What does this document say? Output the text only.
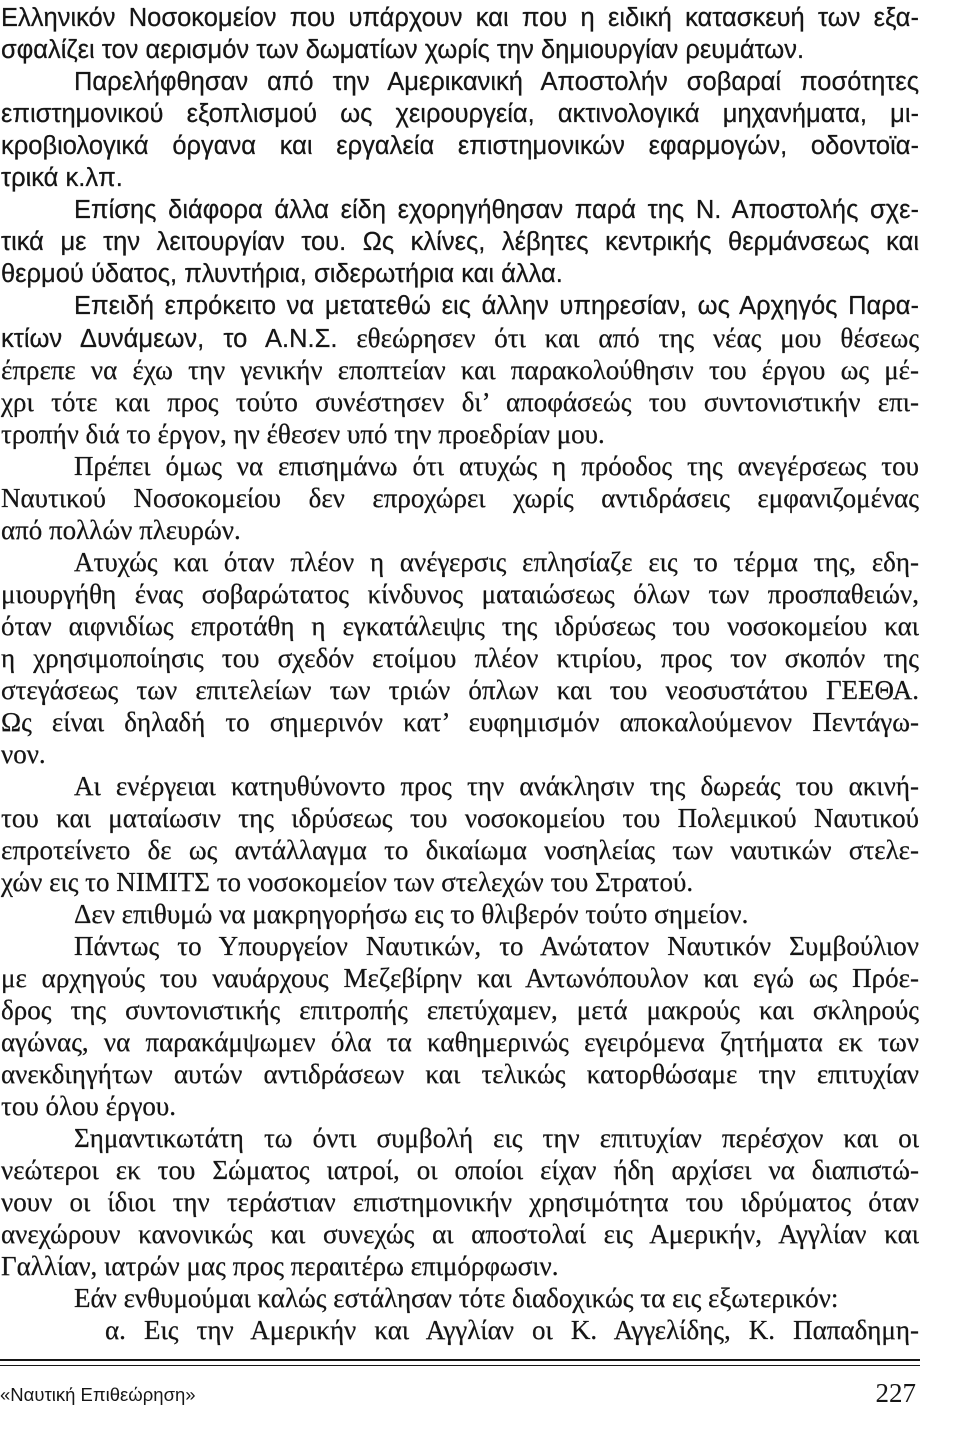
Ελληνικόν Νοσοκομείον που υπάρχουν και που η ειδική κατασκευή των εξα-
σφαλίζει τον αερισμόν των δωματίων χωρίς την δημιουργίαν ρευμάτων.
Παρελήφθησαν από την Αμερικανική Αποστολήν σοβαραί ποσότητες
επιστημονικού εξοπλισμού ως χειρουργεία, ακτινολογικά μηχανήματα, μι-
κροβιολογικά όργανα και εργαλεία επιστημονικών εφαρμογών, οδοντοϊα-
τρικά κ.λπ.
Επίσης διάφορα άλλα είδη εχορηγήθησαν παρά της Ν. Αποστολής σχε-
τικά με την λειτουργίαν του. Ως κλίνες, λέβητες κεντρικής θερμάνσεως και
θερμού ύδατος, πλυντήρια, σιδερωτήρια και άλλα.
Επειδή επρόκειτο να μετατεθώ εις άλλην υπηρεσίαν, ως Αρχηγός Παρα-
κτίων Δυνάμεων, το Α.Ν.Σ. εθεώρησεν ότι και από της νέας μου θέσεως
έπρεπε να έχω την γενικήν εποπτείαν και παρακολούθησιν του έργου ως μέ-
χρι τότε και προς τούτο συνέστησεν δι’ αποφάσεώς του συντονιστικήν επι-
τροπήν διά το έργον, ην έθεσεν υπό την προεδρίαν μου.
Πρέπει όμως να επισημάνω ότι ατυχώς η πρόοδος της ανεγέρσεως του
Ναυτικού Νοσοκομείου δεν επροχώρει χωρίς αντιδράσεις εμφανιζομένας
από πολλών πλευρών.
Ατυχώς και όταν πλέον η ανέγερσις επλησίαζε εις το τέρμα της, εδη-
μιουργήθη ένας σοβαρώτατος κίνδυνος ματαιώσεως όλων των προσπαθειών,
όταν αιφνιδίως επροτάθη η εγκατάλειψις της ιδρύσεως του νοσοκομείου και
η χρησιμοποίησις του σχεδόν ετοίμου πλέον κτιρίου, προς τον σκοπόν της
στεγάσεως των επιτελείων των τριών όπλων και του νεοσυστάτου ΓΕΕΘΑ.
Ως είναι δηλαδή το σημερινόν κατ’ ευφημισμόν αποκαλούμενον Πεντάγω-
νον.
Αι ενέργειαι κατηυθύνοντο προς την ανάκλησιν της δωρεάς του ακινή-
του και ματαίωσιν της ιδρύσεως του νοσοκομείου του Πολεμικού Ναυτικού
επροτείνετο δε ως αντάλλαγμα το δικαίωμα νοσηλείας των ναυτικών στελε-
χών εις το ΝΙΜΙΤΣ το νοσοκομείον των στελεχών του Στρατού.
Δεν επιθυμώ να μακρηγορήσω εις το θλιβερόν τούτο σημείον.
Πάντως το Υπουργείον Ναυτικών, το Ανώτατον Ναυτικόν Συμβούλιον
με αρχηγούς του ναυάρχους Μεζεβίρην και Αντωνόπουλον και εγώ ως Πρόε-
δρος της συντονιστικής επιτροπής επετύχαμεν, μετά μακρούς και σκληρούς
αγώνας, να παρακάμψωμεν όλα τα καθημερινώς εγειρόμενα ζητήματα εκ των
ανεκδιηγήτων αυτών αντιδράσεων και τελικώς κατορθώσαμε την επιτυχίαν
του όλου έργου.
Σημαντικωτάτη τω όντι συμβολή εις την επιτυχίαν περέσχον και οι
νεώτεροι εκ του Σώματος ιατροί, οι οποίοι είχαν ήδη αρχίσει να διαπιστώ-
νουν οι ίδιοι την τεράστιαν επιστημονικήν χρησιμότητα του ιδρύματος όταν
ανεχώρουν κανονικώς και συνεχώς αι αποστολαί εις Αμερικήν, Αγγλίαν και
Γαλλίαν, ιατρών μας προς περαιτέρω επιμόρφωσιν.
Εάν ενθυμούμαι καλώς εστάλησαν τότε διαδοχικώς τα εις εξωτερικόν:
α. Εις την Αμερικήν και Αγγλίαν οι Κ. Αγγελίδης, Κ. Παπαδημη-
«Ναυτική Επιθεώρηση»	227
